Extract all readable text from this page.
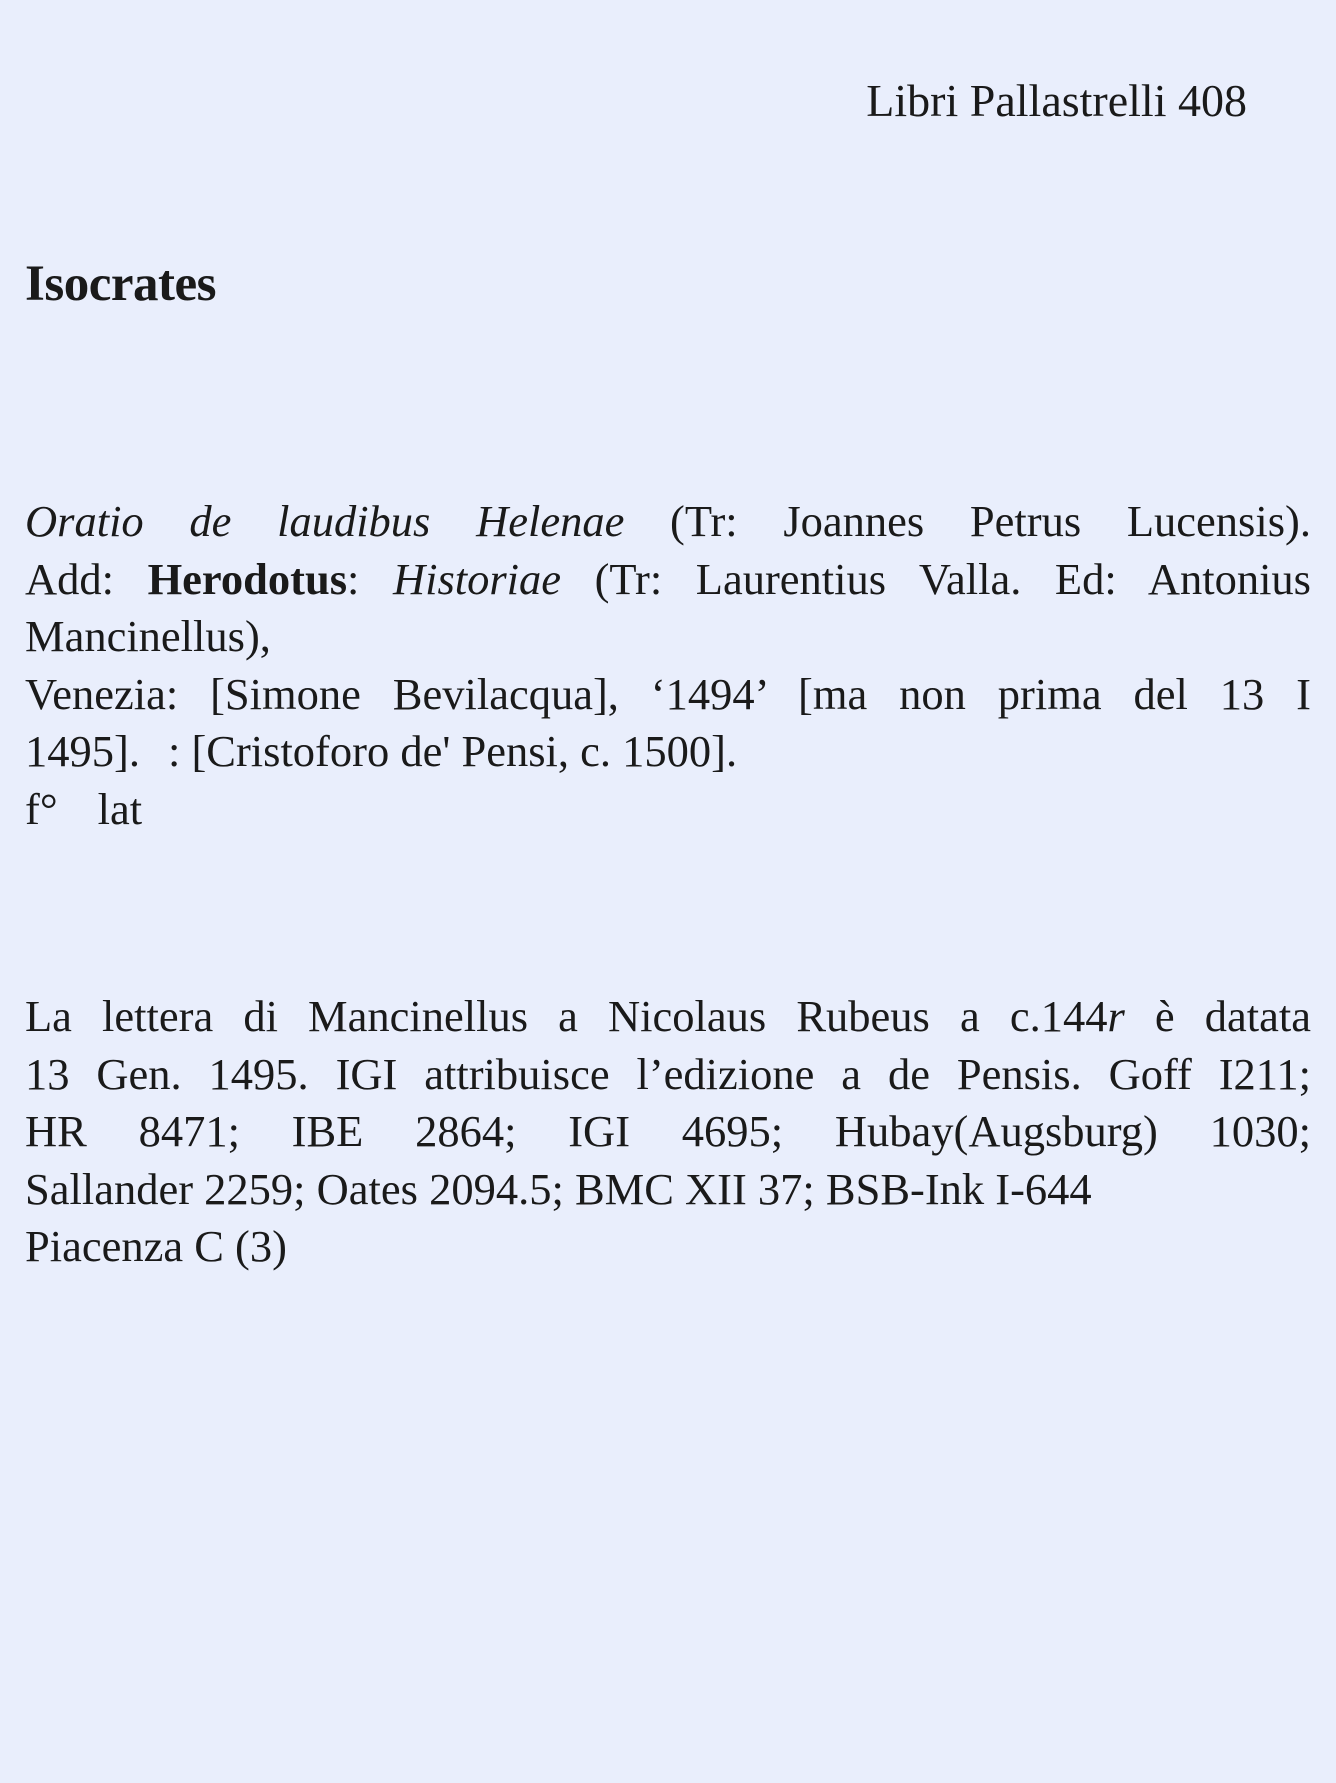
Libri Pallastrelli 408
Isocrates
Oratio de laudibus Helenae (Tr: Joannes Petrus Lucensis).
Add: Herodotus: Historiae (Tr: Laurentius Valla. Ed: Antonius
Mancinellus),
Venezia: [Simone Bevilacqua], ‘1494’ [ma non prima del 13 I
1495]. : [Cristoforo de' Pensi, c. 1500].
f° lat
La lettera di Mancinellus a Nicolaus Rubeus a c.144r è datata
13 Gen. 1495. IGI attribuisce l’edizione a de Pensis. Goff I211;
HR 8471; IBE 2864; IGI 4695; Hubay(Augsburg) 1030;
Sallander 2259; Oates 2094.5; BMC XII 37; BSB-Ink I-644
Piacenza C (3)
